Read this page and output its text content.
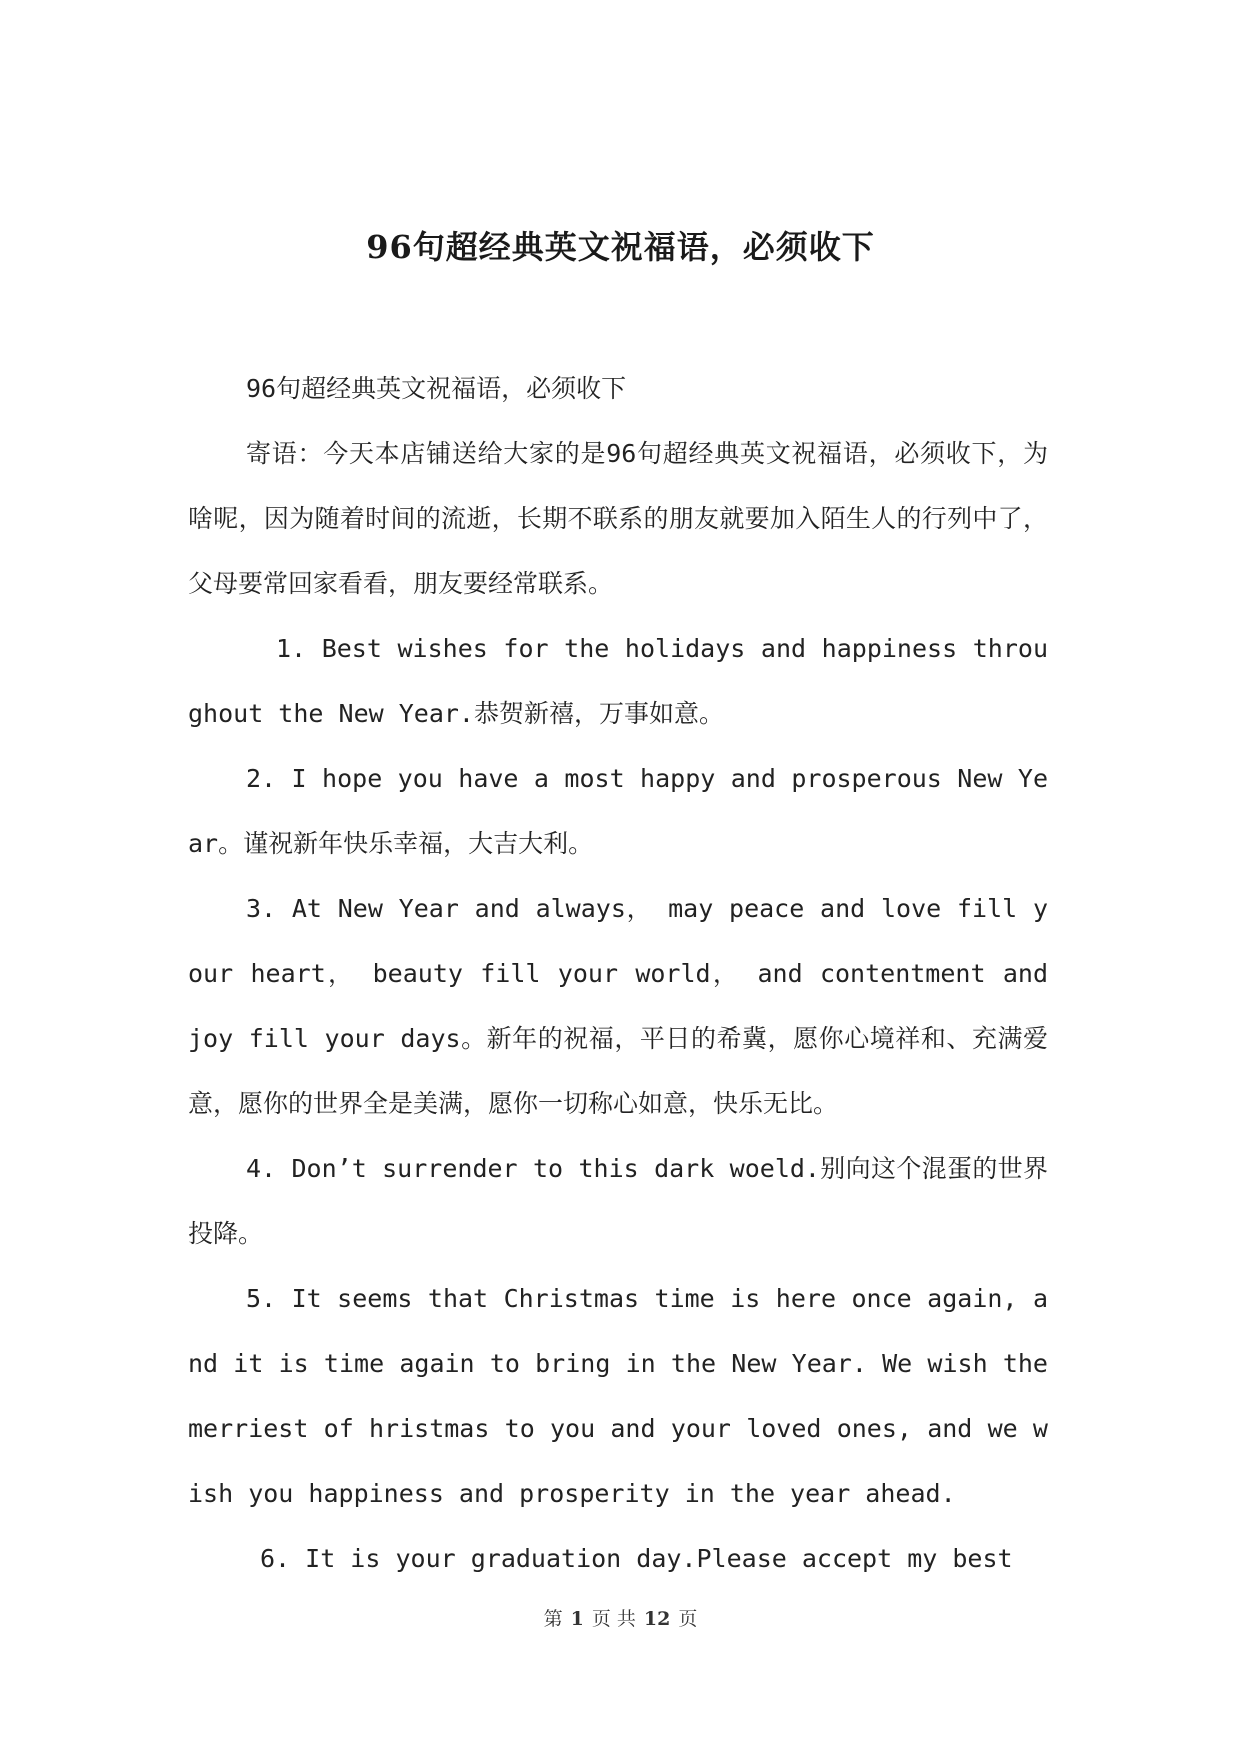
96句超经典英文祝福语，必须收下

96句超经典英文祝福语，必须收下

寄语：今天本店铺送给大家的是96句超经典英文祝福语，必须收下，为啥呢，因为随着时间的流逝，长期不联系的朋友就要加入陌生人的行列中了，父母要常回家看看，朋友要经常联系。

1. Best wishes for the holidays and happiness throughout the New Year.恭贺新禧，万事如意。

2. I hope you have a most happy and prosperous New Year。谨祝新年快乐幸福，大吉大利。

3. At New Year and always， may peace and love fill your heart， beauty fill your world， and contentment and joy fill your days。新年的祝福，平日的希冀，愿你心境祥和、充满爱意，愿你的世界全是美满，愿你一切称心如意，快乐无比。

4. Don’t surrender to this dark woeld.别向这个混蛋的世界投降。

5. It seems that Christmas time is here once again, and it is time again to bring in the New Year. We wish the merriest of hristmas to you and your loved ones, and we wish you happiness and prosperity in the year ahead.

6. It is your graduation day.Please accept my best

第 1 页 共 12 页
